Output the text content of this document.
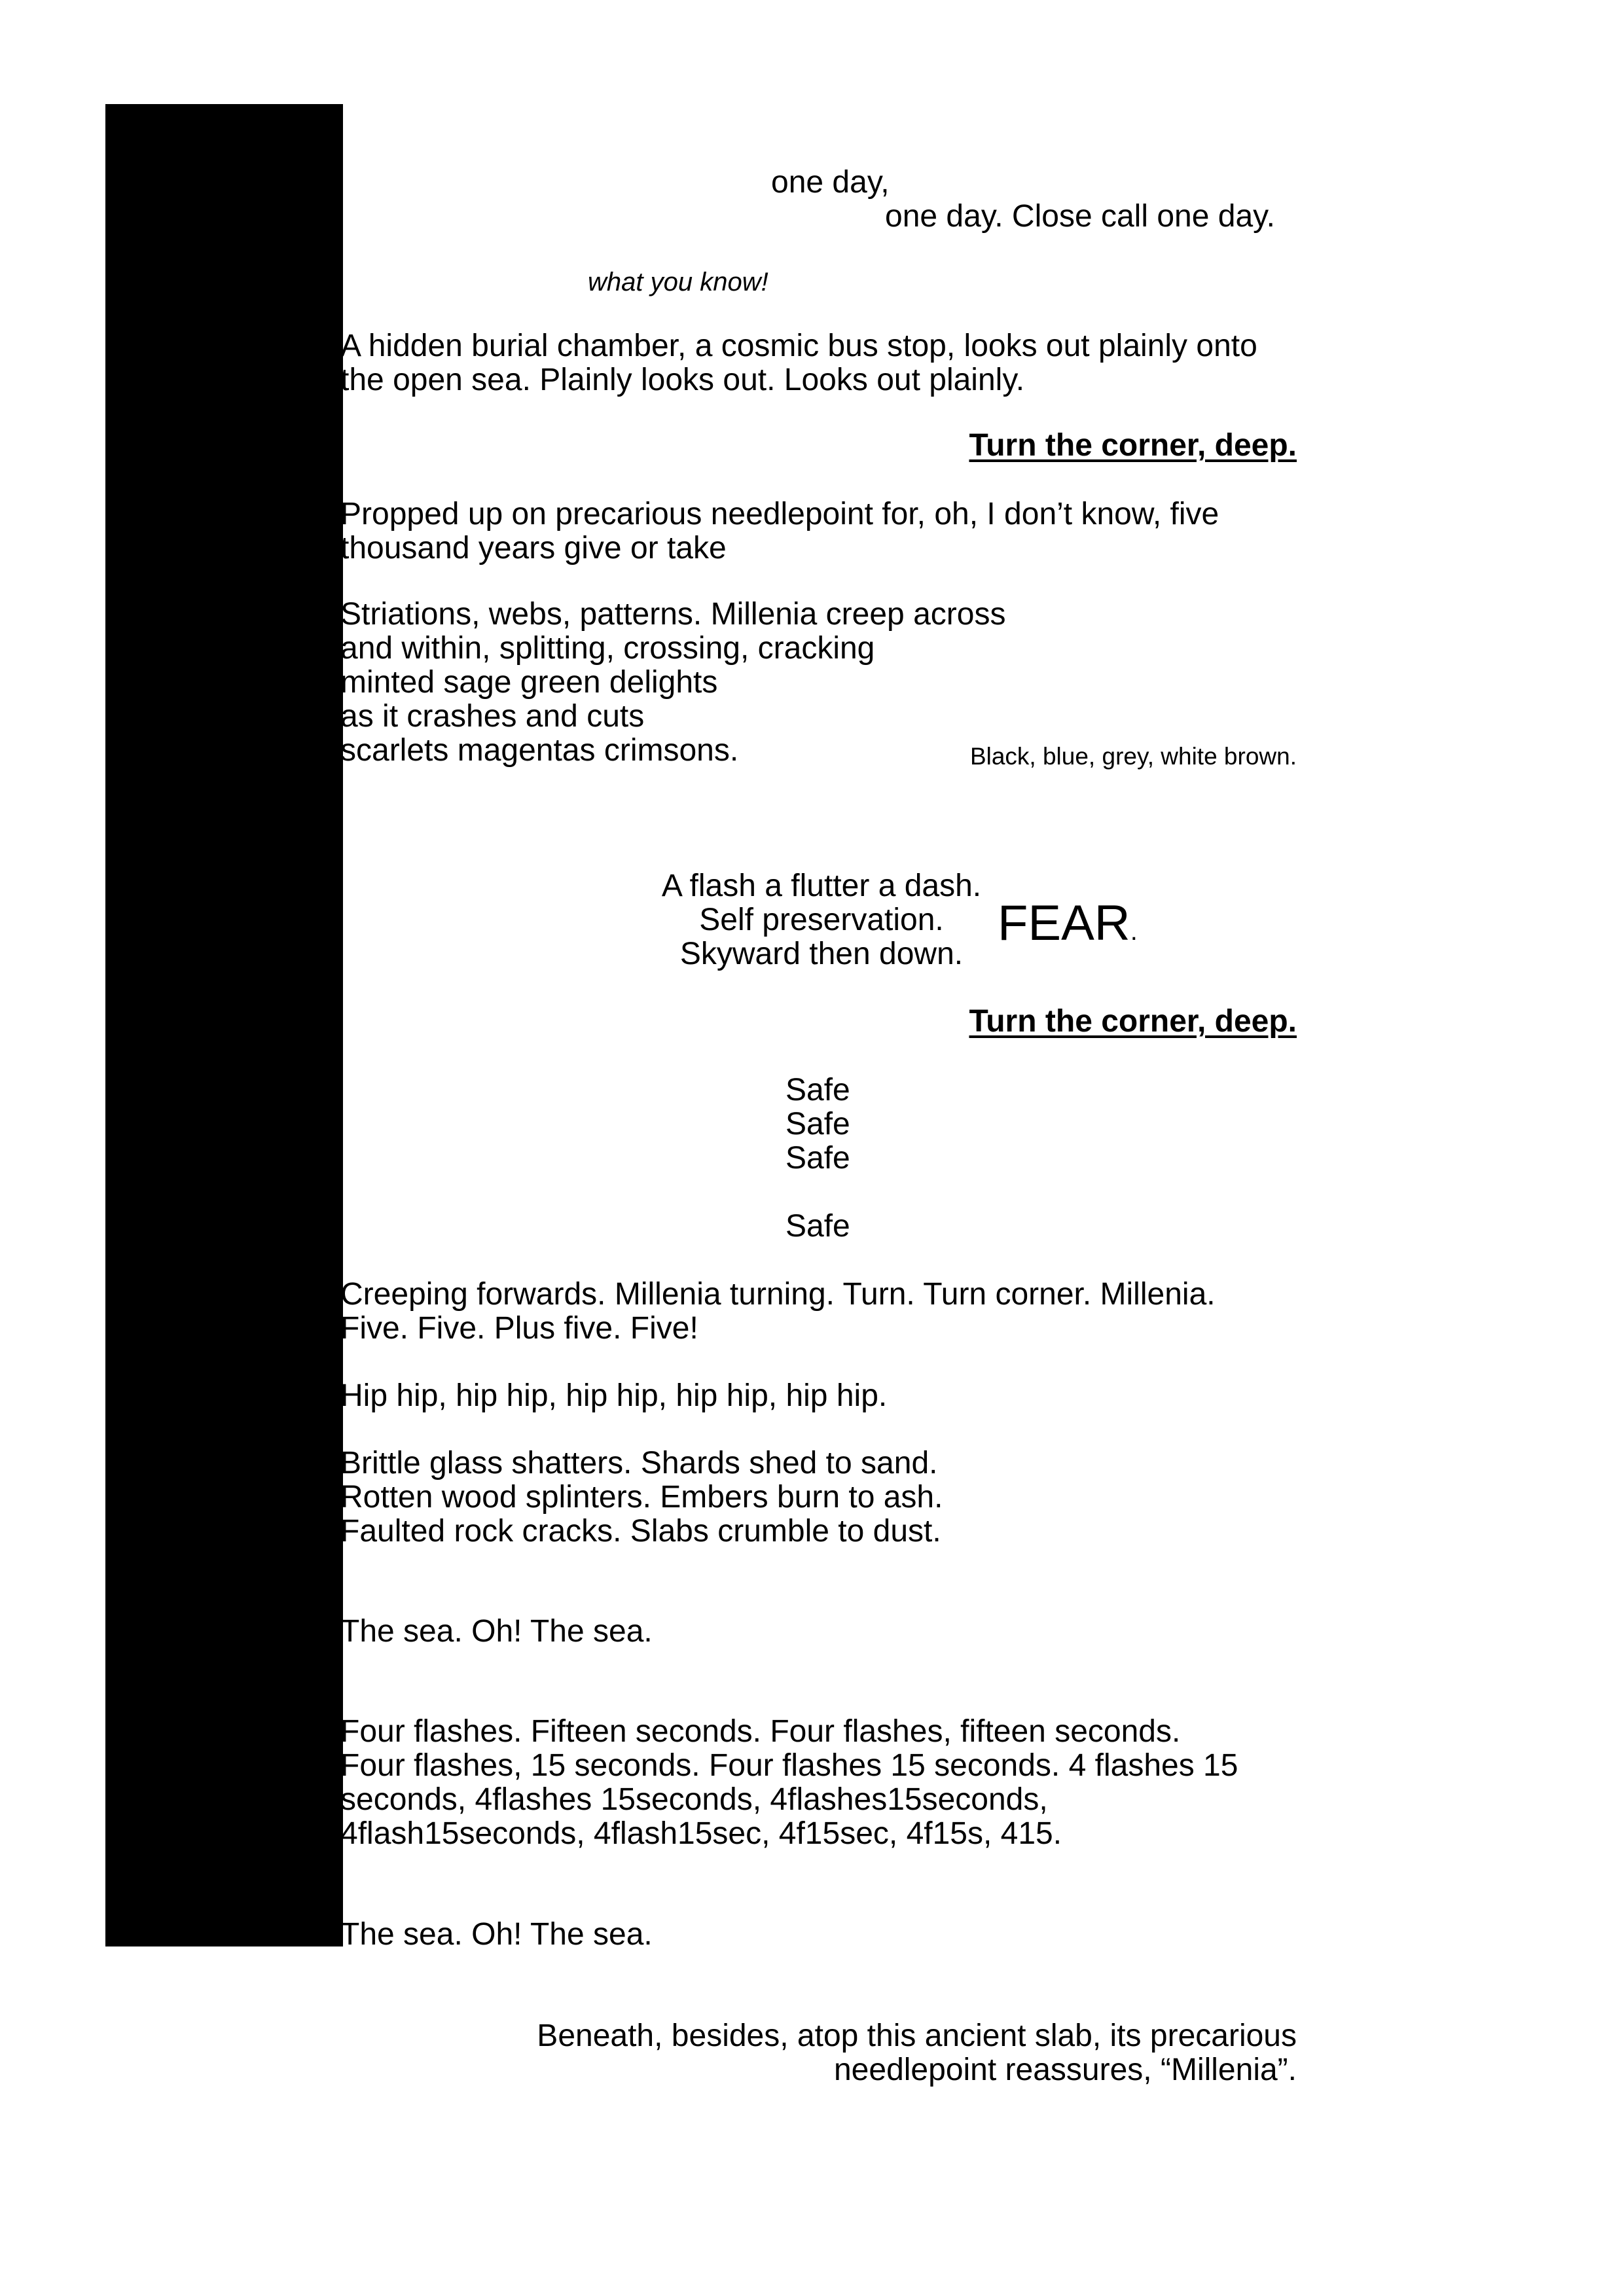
one day,

one day. Close call one day.

what you know!

A hidden burial chamber, a cosmic bus stop, looks out plainly onto
the open sea. Plainly looks out. Looks out plainly.

Turn the corner, deep.

Propped up on precarious needlepoint for, oh, I don’t know, five
thousand years give or take
Striations, webs, patterns. Millenia creep across
and within, splitting, crossing, cracking
minted sage green delights
as it crashes and cuts
scarlets magentas crimsons.	Black, blue, grey, white brown.

A flash a flutter a dash.
Self preservation.
Skyward then down.

FEAR.

Turn the corner, deep.

Safe
Safe
Safe

Safe

Creeping forwards. Millenia turning. Turn. Turn corner. Millenia.
Five. Five. Plus five. Five!

Hip hip, hip hip, hip hip, hip hip, hip hip.

Brittle glass shatters. Shards shed to sand.
Rotten wood splinters. Embers burn to ash.
Faulted rock cracks. Slabs crumble to dust.

The sea. Oh! The sea.

Four flashes. Fifteen seconds. Four flashes, fifteen seconds.
Four flashes, 15 seconds. Four flashes 15 seconds. 4 flashes 15
seconds, 4flashes 15seconds, 4flashes15seconds,
4flash15seconds, 4flash15sec, 4f15sec, 4f15s, 415.

The sea. Oh! The sea.

Beneath, besides, atop this ancient slab, its precarious
needlepoint reassures, “Millenia”.
